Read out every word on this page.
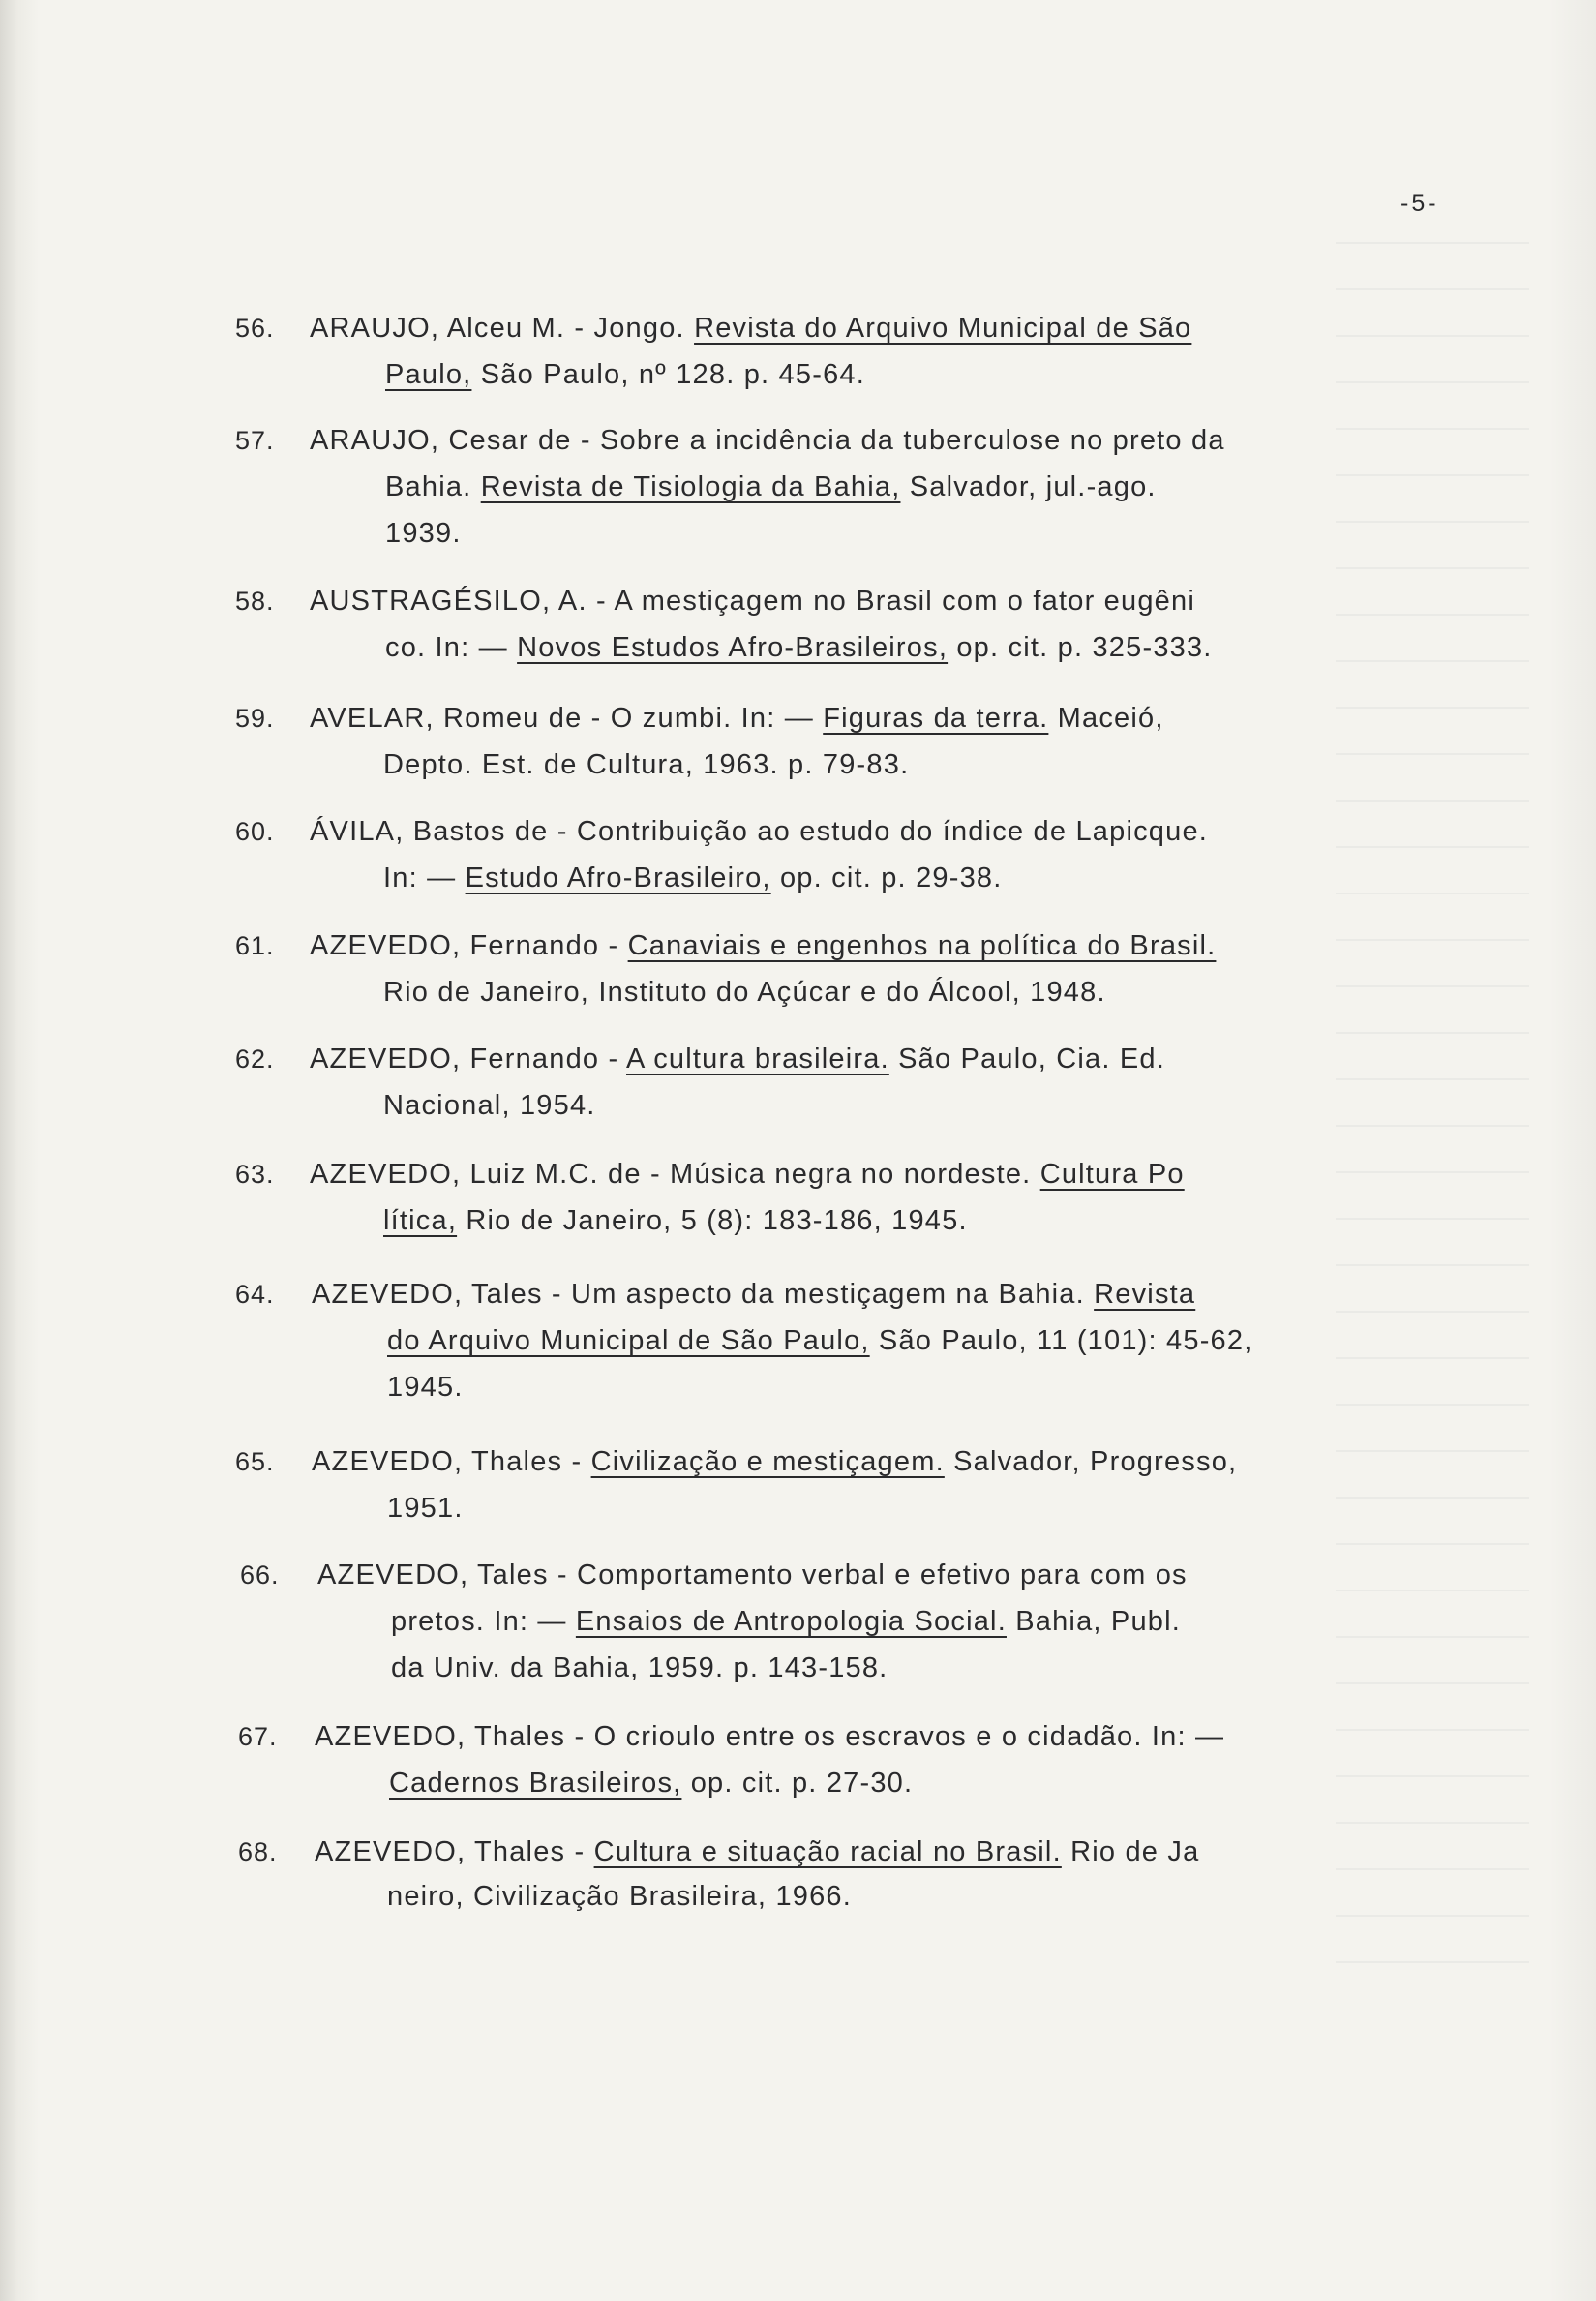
-5-
56. ARAUJO, Alceu M. - Jongo. Revista do Arquivo Municipal de São
Paulo, São Paulo, nº 128. p. 45-64.
57. ARAUJO, Cesar de - Sobre a incidência da tuberculose no preto da
Bahia. Revista de Tisiologia da Bahia, Salvador, jul.-ago.
1939.
58. AUSTRAGÉSILO, A. - A mestiçagem no Brasil com o fator eugêni
co. In: — Novos Estudos Afro-Brasileiros, op. cit. p. 325-333.
59. AVELAR, Romeu de - O zumbi. In: — Figuras da terra. Maceió,
Depto. Est. de Cultura, 1963. p. 79-83.
60. ÁVILA, Bastos de - Contribuição ao estudo do índice de Lapicque.
In: — Estudo Afro-Brasileiro, op. cit. p. 29-38.
61. AZEVEDO, Fernando - Canaviais e engenhos na política do Brasil.
Rio de Janeiro, Instituto do Açúcar e do Álcool, 1948.
62. AZEVEDO, Fernando - A cultura brasileira. São Paulo, Cia. Ed.
Nacional, 1954.
63. AZEVEDO, Luiz M.C. de - Música negra no nordeste. Cultura Po
lítica, Rio de Janeiro, 5 (8): 183-186, 1945.
64. AZEVEDO, Tales - Um aspecto da mestiçagem na Bahia. Revista
do Arquivo Municipal de São Paulo, São Paulo, 11 (101): 45-62,
1945.
65. AZEVEDO, Thales - Civilização e mestiçagem. Salvador, Progresso,
1951.
66. AZEVEDO, Tales - Comportamento verbal e efetivo para com os
pretos. In: — Ensaios de Antropologia Social. Bahia, Publ.
da Univ. da Bahia, 1959. p. 143-158.
67. AZEVEDO, Thales - O crioulo entre os escravos e o cidadão. In: —
Cadernos Brasileiros, op. cit. p. 27-30.
68. AZEVEDO, Thales - Cultura e situação racial no Brasil. Rio de Ja
neiro, Civilização Brasileira, 1966.
